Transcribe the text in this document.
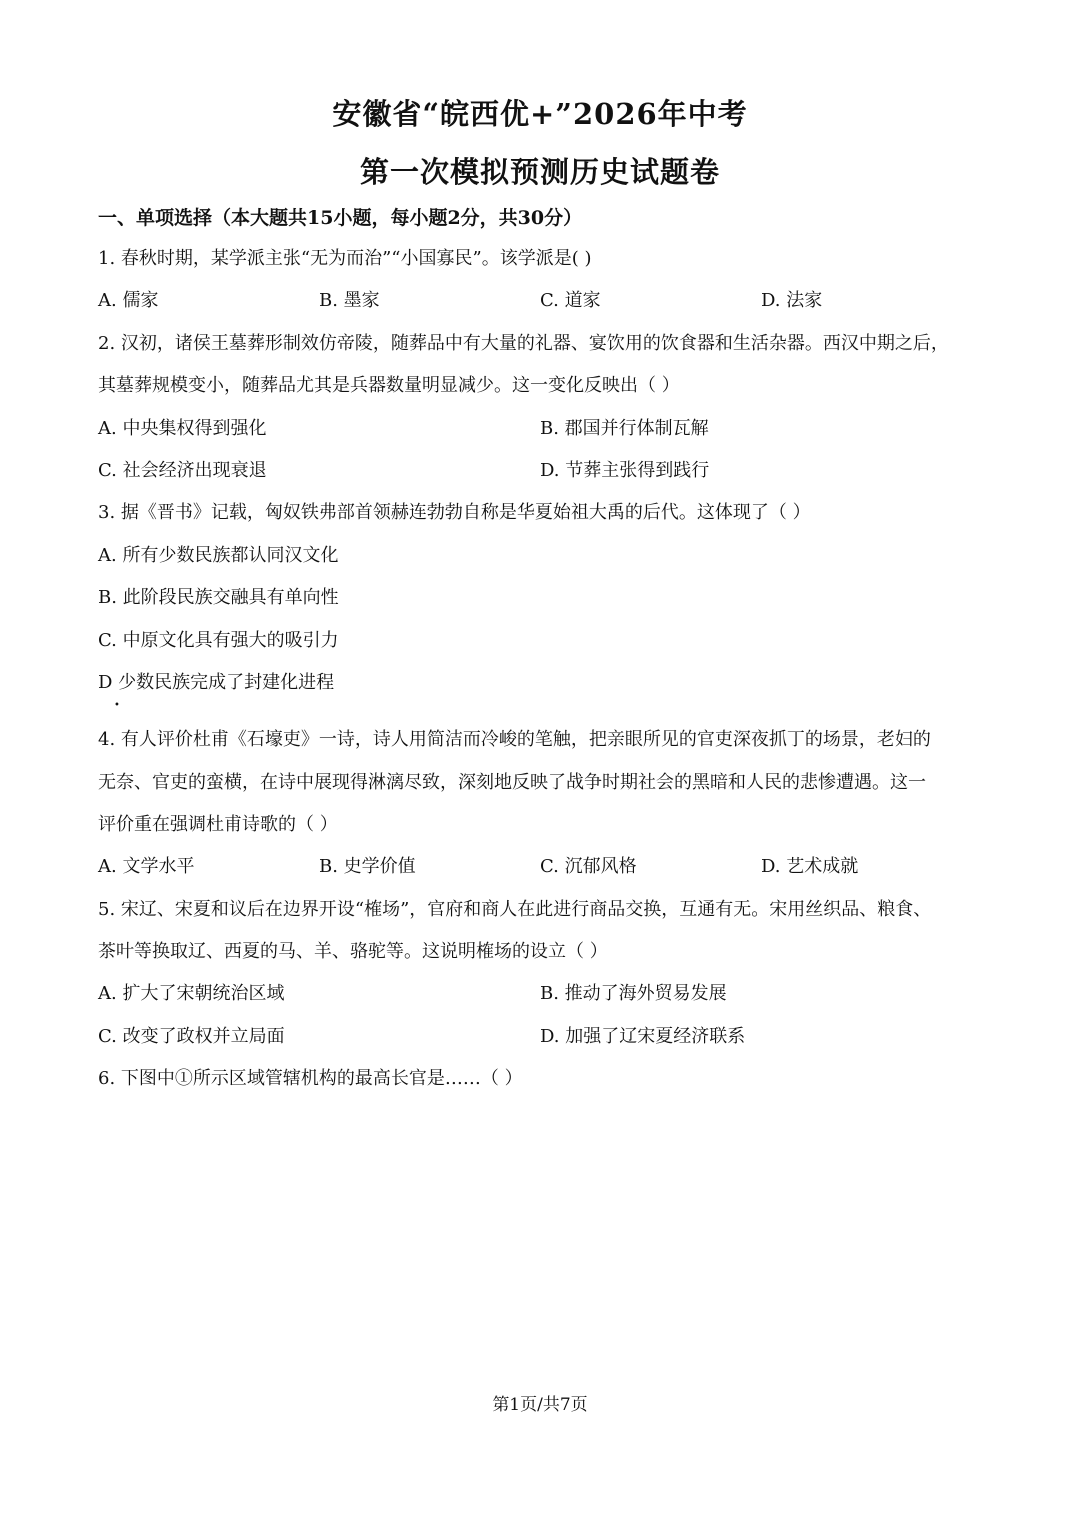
安徽省“皖西优+”2026年中考
第一次模拟预测历史试题卷
一、单项选择（本大题共15小题，每小题2分，共30分）
1. 春秋时期，某学派主张“无为而治”“小国寡民”。该学派是( )
A. 儒家	B. 墨家	C. 道家	D. 法家
2. 汉初，诸侯王墓葬形制效仿帝陵，随葬品中有大量的礼器、宴饮用的饮食器和生活杂器。西汉中期之后，
其墓葬规模变小，随葬品尤其是兵器数量明显减少。这一变化反映出（ ）
A. 中央集权得到强化	B. 郡国并行体制瓦解
C. 社会经济出现衰退	D. 节葬主张得到践行
3. 据《晋书》记载，匈奴铁弗部首领赫连勃勃自称是华夏始祖大禹的后代。这体现了（ ）
A. 所有少数民族都认同汉文化
B. 此阶段民族交融具有单向性
C. 中原文化具有强大的吸引力
D 少数民族完成了封建化进程
•
4. 有人评价杜甫《石壕吏》一诗，诗人用简洁而冷峻的笔触，把亲眼所见的官吏深夜抓丁的场景，老妇的
无奈、官吏的蛮横，在诗中展现得淋漓尽致，深刻地反映了战争时期社会的黑暗和人民的悲惨遭遇。这一
评价重在强调杜甫诗歌的（ ）
A. 文学水平	B. 史学价值	C. 沉郁风格	D. 艺术成就
5. 宋辽、宋夏和议后在边界开设“榷场”，官府和商人在此进行商品交换，互通有无。宋用丝织品、粮食、
茶叶等换取辽、西夏的马、羊、骆驼等。这说明榷场的设立（ ）
A. 扩大了宋朝统治区域	B. 推动了海外贸易发展
C. 改变了政权并立局面	D. 加强了辽宋夏经济联系
6. 下图中①所示区域管辖机构的最高长官是……（ ）
第1页/共7页
